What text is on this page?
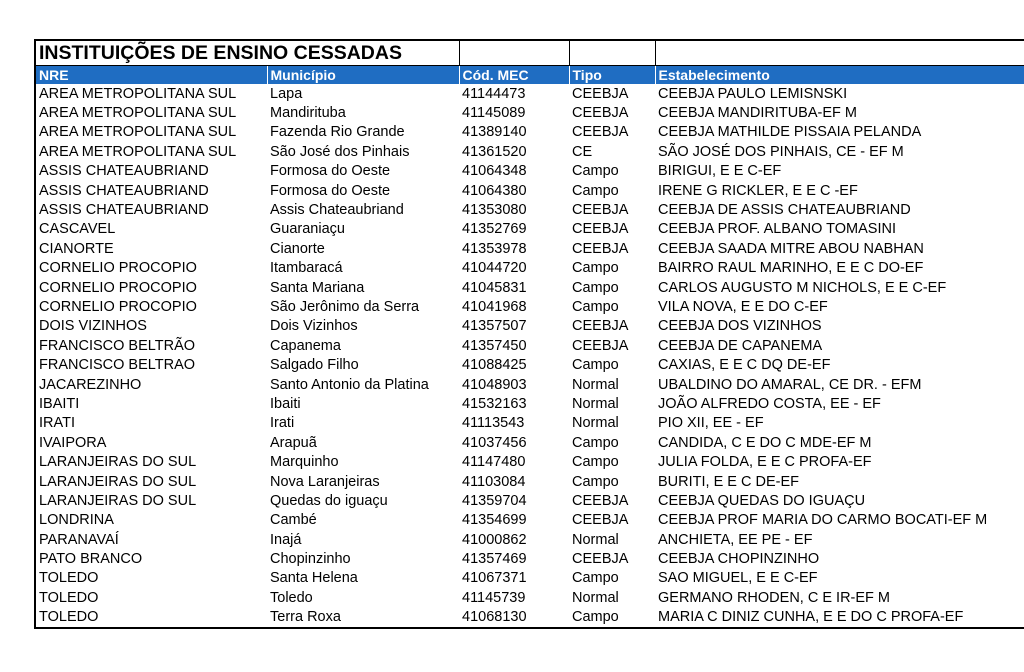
INSTITUIÇÕES DE ENSINO CESSADAS				
NRE	Município	Cód. MEC	Tipo	Estabelecimento
AREA METROPOLITANA SUL	Lapa	41144473	CEEBJA	CEEBJA PAULO LEMISNSKI
AREA METROPOLITANA SUL	Mandirituba	41145089	CEEBJA	CEEBJA MANDIRITUBA-EF M
AREA METROPOLITANA SUL	Fazenda Rio Grande	41389140	CEEBJA	CEEBJA MATHILDE PISSAIA PELANDA
AREA METROPOLITANA SUL	São José dos Pinhais	41361520	CE	SÃO JOSÉ DOS PINHAIS, CE - EF M
ASSIS CHATEAUBRIAND	Formosa do Oeste	41064348	Campo	BIRIGUI, E E C-EF
ASSIS CHATEAUBRIAND	Formosa do Oeste	41064380	Campo	IRENE G RICKLER, E E C -EF
ASSIS CHATEAUBRIAND	Assis Chateaubriand	41353080	CEEBJA	CEEBJA DE ASSIS CHATEAUBRIAND
CASCAVEL	Guaraniaçu	41352769	CEEBJA	CEEBJA PROF. ALBANO TOMASINI
CIANORTE	Cianorte	41353978	CEEBJA	CEEBJA SAADA MITRE ABOU NABHAN
CORNELIO PROCOPIO	Itambaracá	41044720	Campo	BAIRRO RAUL MARINHO, E E C DO-EF
CORNELIO PROCOPIO	Santa Mariana	41045831	Campo	CARLOS AUGUSTO M NICHOLS, E E C-EF
CORNELIO PROCOPIO	São Jerônimo da Serra	41041968	Campo	VILA NOVA, E E DO C-EF
DOIS VIZINHOS	Dois Vizinhos	41357507	CEEBJA	CEEBJA DOS VIZINHOS
FRANCISCO BELTRÃO	Capanema	41357450	CEEBJA	CEEBJA DE CAPANEMA
FRANCISCO BELTRAO	Salgado Filho	41088425	Campo	CAXIAS, E E C DQ DE-EF
JACAREZINHO	Santo Antonio da Platina	41048903	Normal	UBALDINO DO AMARAL, CE DR. - EFM
IBAITI	Ibaiti	41532163	Normal	JOÃO ALFREDO COSTA, EE - EF
IRATI	Irati	41113543	Normal	PIO XII, EE - EF
IVAIPORA	Arapuã	41037456	Campo	CANDIDA, C E DO C MDE-EF M
LARANJEIRAS DO SUL	Marquinho	41147480	Campo	JULIA FOLDA, E E C PROFA-EF
LARANJEIRAS DO SUL	Nova Laranjeiras	41103084	Campo	BURITI, E E C DE-EF
LARANJEIRAS DO SUL	Quedas do iguaçu	41359704	CEEBJA	CEEBJA QUEDAS DO IGUAÇU
LONDRINA	Cambé	41354699	CEEBJA	CEEBJA PROF MARIA DO CARMO BOCATI-EF M
PARANAVAÍ	Inajá	41000862	Normal	ANCHIETA, EE PE - EF
PATO BRANCO	Chopinzinho	41357469	CEEBJA	CEEBJA CHOPINZINHO
TOLEDO	Santa Helena	41067371	Campo	SAO MIGUEL, E E C-EF
TOLEDO	Toledo	41145739	Normal	GERMANO RHODEN, C E IR-EF M
TOLEDO	Terra Roxa	41068130	Campo	MARIA C DINIZ CUNHA, E E DO C PROFA-EF
